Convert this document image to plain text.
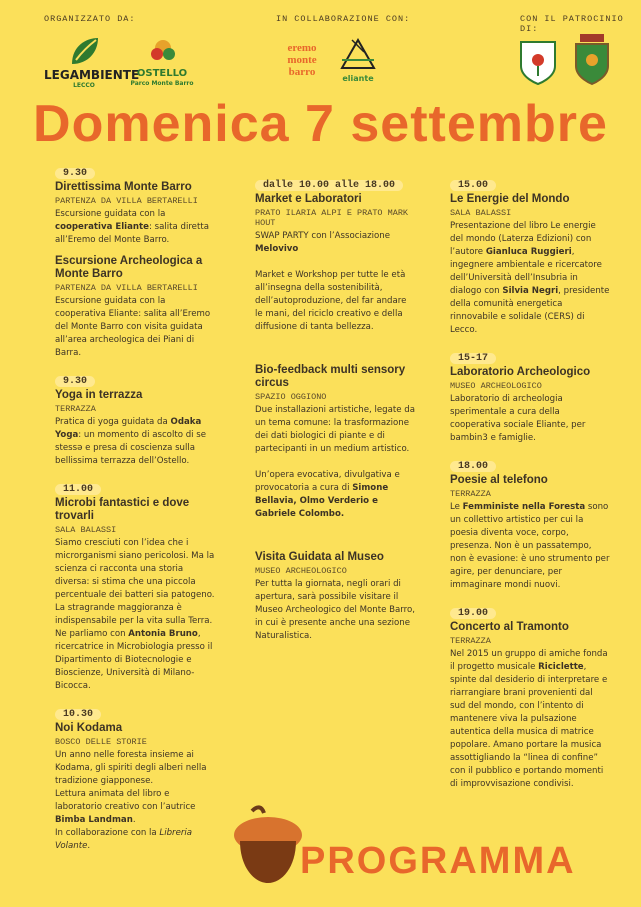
ORGANIZZATO DA:	IN COLLABORAZIONE CON:	CON IL PATROCINIO DI:
LEGAMBIENTE
LECCO
OSTELLO
Parco Monte Barro
eremo monte barro
eliante
Domenica 7 settembre
9.30
Direttissima Monte Barro
PARTENZA DA VILLA BERTARELLI
Escursione guidata con la cooperativa Eliante: salita diretta all’Eremo del Monte Barro.
Escursione Archeologica a Monte Barro
PARTENZA DA VILLA BERTARELLI
Escursione guidata con la cooperativa Eliante: salita all’Eremo del Monte Barro con visita guidata all’area archeologica dei Piani di Barra.
9.30
Yoga in terrazza
TERRAZZA
Pratica di yoga guidata da Odaka Yoga: un momento di ascolto di se stessə e presa di coscienza sulla bellissima terrazza dell’Ostello.
11.00
Microbi fantastici e dove trovarli
SALA BALASSI
Siamo cresciuti con l’idea che i microrganismi siano pericolosi. Ma la scienza ci racconta una storia diversa: si stima che una piccola percentuale dei batteri sia patogeno. La stragrande maggioranza è indispensabile per la vita sulla Terra. Ne parliamo con Antonia Bruno, ricercatrice in Microbiologia presso il Dipartimento di Biotecnologie e Bioscienze, Università di Milano-Bicocca.
10.30
Noi Kodama
BOSCO DELLE STORIE
Un anno nelle foresta insieme ai Kodama, gli spiriti degli alberi nella tradizione giapponese.
Lettura animata del libro e laboratorio creativo con l’autrice Bimba Landman.
In collaborazione con la Libreria Volante.
dalle 10.00 alle 18.00
Market e Laboratori
PRATO ILARIA ALPI E PRATO MARK HOUT
SWAP PARTY con l’Associazione Melovivo

Market e Workshop per tutte le età all’insegna della sostenibilità, dell’autoproduzione, del far andare le mani, del riciclo creativo e della diffusione di tanta bellezza.
Bio-feedback multi sensory circus
SPAZIO OGGIONO
Due installazioni artistiche, legate da un tema comune: la trasformazione dei dati biologici di piante e di partecipanti in un medium artistico.

Un’opera evocativa, divulgativa e provocatoria a cura di Simone Bellavia, Olmo Verderio e Gabriele Colombo.
Visita Guidata al Museo
MUSEO ARCHEOLOGICO
Per tutta la giornata, negli orari di apertura, sarà possibile visitare il Museo Archeologico del Monte Barro, in cui è presente anche una sezione Naturalistica.
15.00
Le Energie del Mondo
SALA BALASSI
Presentazione del libro Le energie del mondo (Laterza Edizioni) con l’autore Gianluca Ruggieri, ingegnere ambientale e ricercatore dell’Università dell’Insubria in dialogo con Silvia Negri, presidente della comunità energetica rinnovabile e solidale (CERS) di Lecco.
15-17
Laboratorio Archeologico
MUSEO ARCHEOLOGICO
Laboratorio di archeologia sperimentale a cura della cooperativa sociale Eliante, per bambin3 e famiglie.
18.00
Poesie al telefono
TERRAZZA
Le Femministe nella Foresta sono un collettivo artistico per cui la poesia diventa voce, corpo, presenza. Non è un passatempo, non è evasione: è uno strumento per agire, per denunciare, per immaginare mondi nuovi.
19.00
Concerto al Tramonto
TERRAZZA
Nel 2015 un gruppo di amiche fonda il progetto musicale Riciclette, spinte dal desiderio di interpretare e riarrangiare brani provenienti dal sud del mondo, con l’intento di mantenere viva la pulsazione autentica della musica di matrice popolare. Amano portare la musica assottigliando la “linea di confine” con il pubblico e portando momenti di improvvisazione condivisi.
PROGRAMMA
